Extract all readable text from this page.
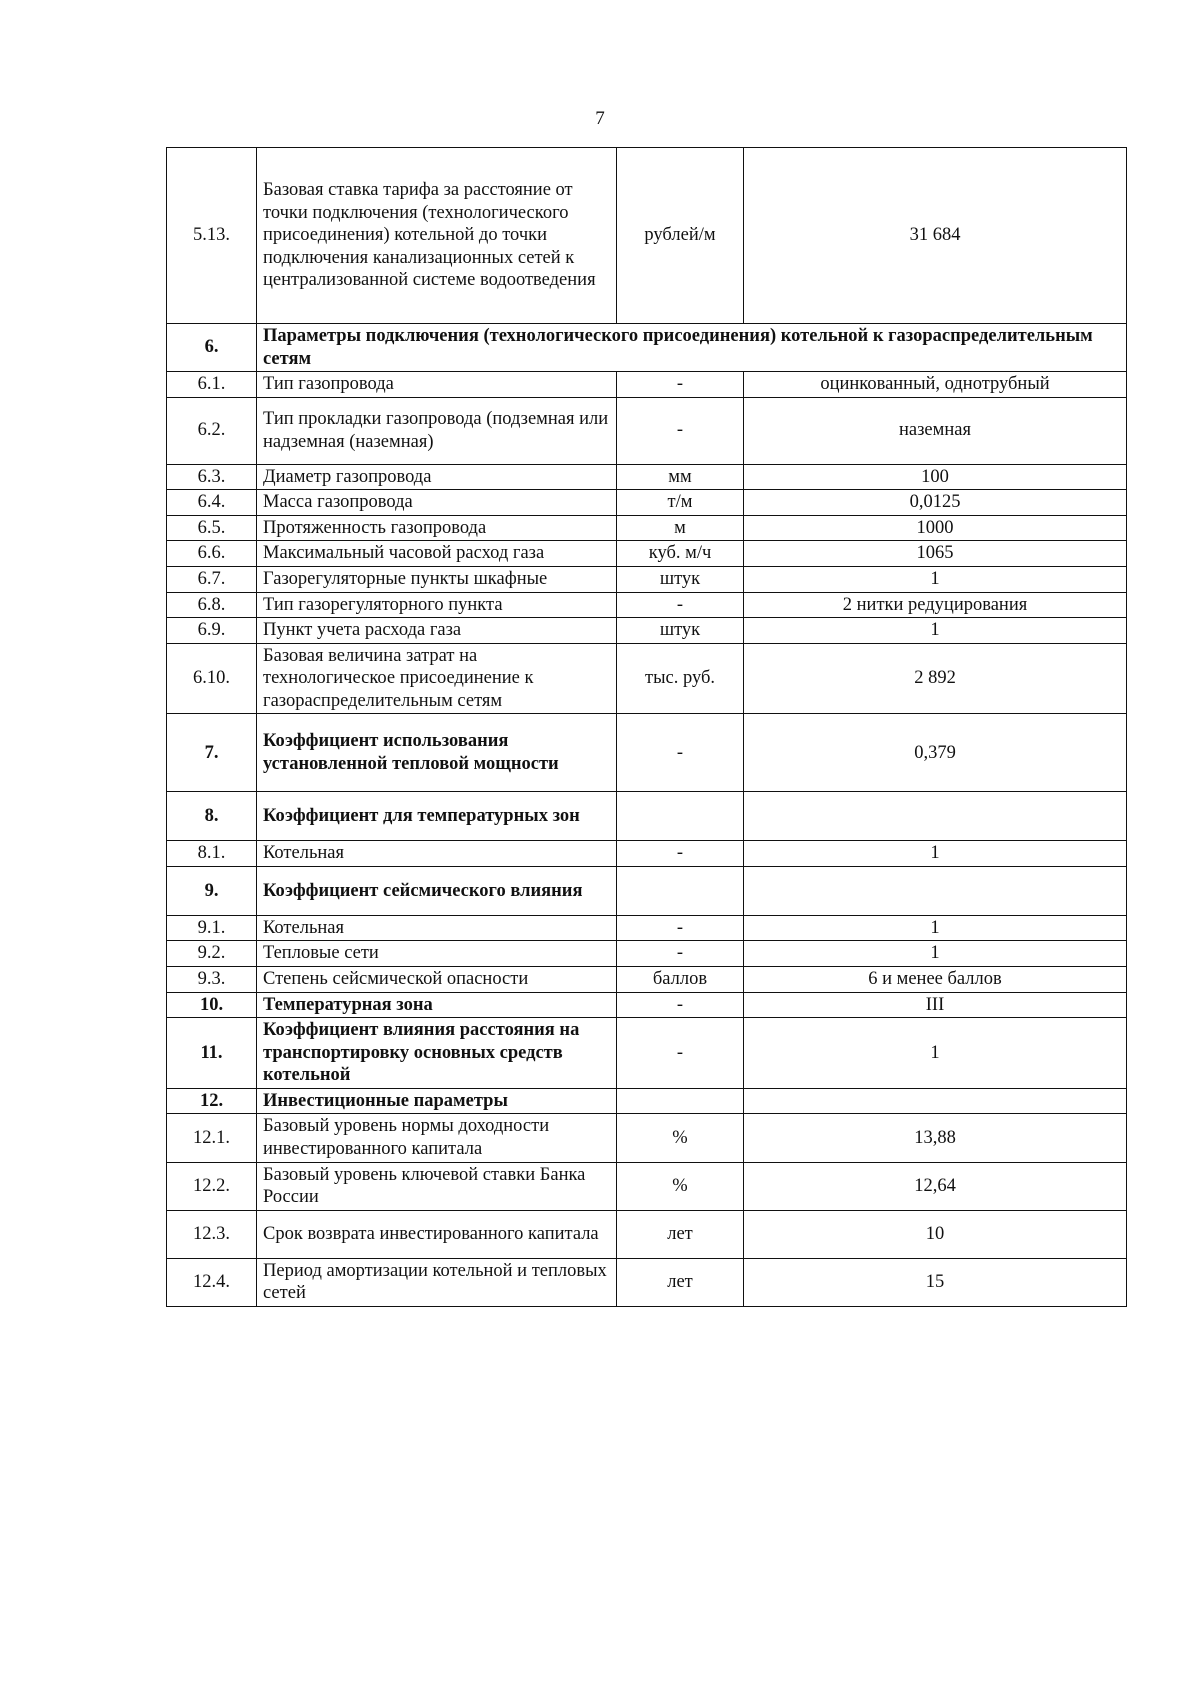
7
5.13.	Базовая ставка тарифа за расстояние от точки подключения (технологического присоединения) котельной до точки подключения канализационных сетей к централизованной системе водоотведения	рублей/м	31 684
6.	Параметры подключения (технологического присоединения) котельной к газораспределительным сетям		
6.1.	Тип газопровода	-	оцинкованный, однотрубный
6.2.	Тип прокладки газопровода (подземная или надземная (наземная)	-	наземная
6.3.	Диаметр газопровода	мм	100
6.4.	Масса газопровода	т/м	0,0125
6.5.	Протяженность газопровода	м	1000
6.6.	Максимальный часовой расход газа	куб. м/ч	1065
6.7.	Газорегуляторные пункты шкафные	штук	1
6.8.	Тип газорегуляторного пункта	-	2 нитки редуцирования
6.9.	Пункт учета расхода газа	штук	1
6.10.	Базовая величина затрат на технологическое присоединение к газораспределительным сетям	тыс. руб.	2 892
7.	Коэффициент использования установленной тепловой мощности	-	0,379
8.	Коэффициент для температурных зон		
8.1.	Котельная	-	1
9.	Коэффициент сейсмического влияния		
9.1.	Котельная	-	1
9.2.	Тепловые сети	-	1
9.3.	Степень сейсмической опасности	баллов	6 и менее баллов
10.	Температурная зона	-	III
11.	Коэффициент влияния расстояния на транспортировку основных средств котельной	-	1
12.	Инвестиционные параметры		
12.1.	Базовый уровень нормы доходности инвестированного капитала	%	13,88
12.2.	Базовый уровень ключевой ставки Банка России	%	12,64
12.3.	Срок возврата инвестированного капитала	лет	10
12.4.	Период амортизации котельной и тепловых сетей	лет	15
